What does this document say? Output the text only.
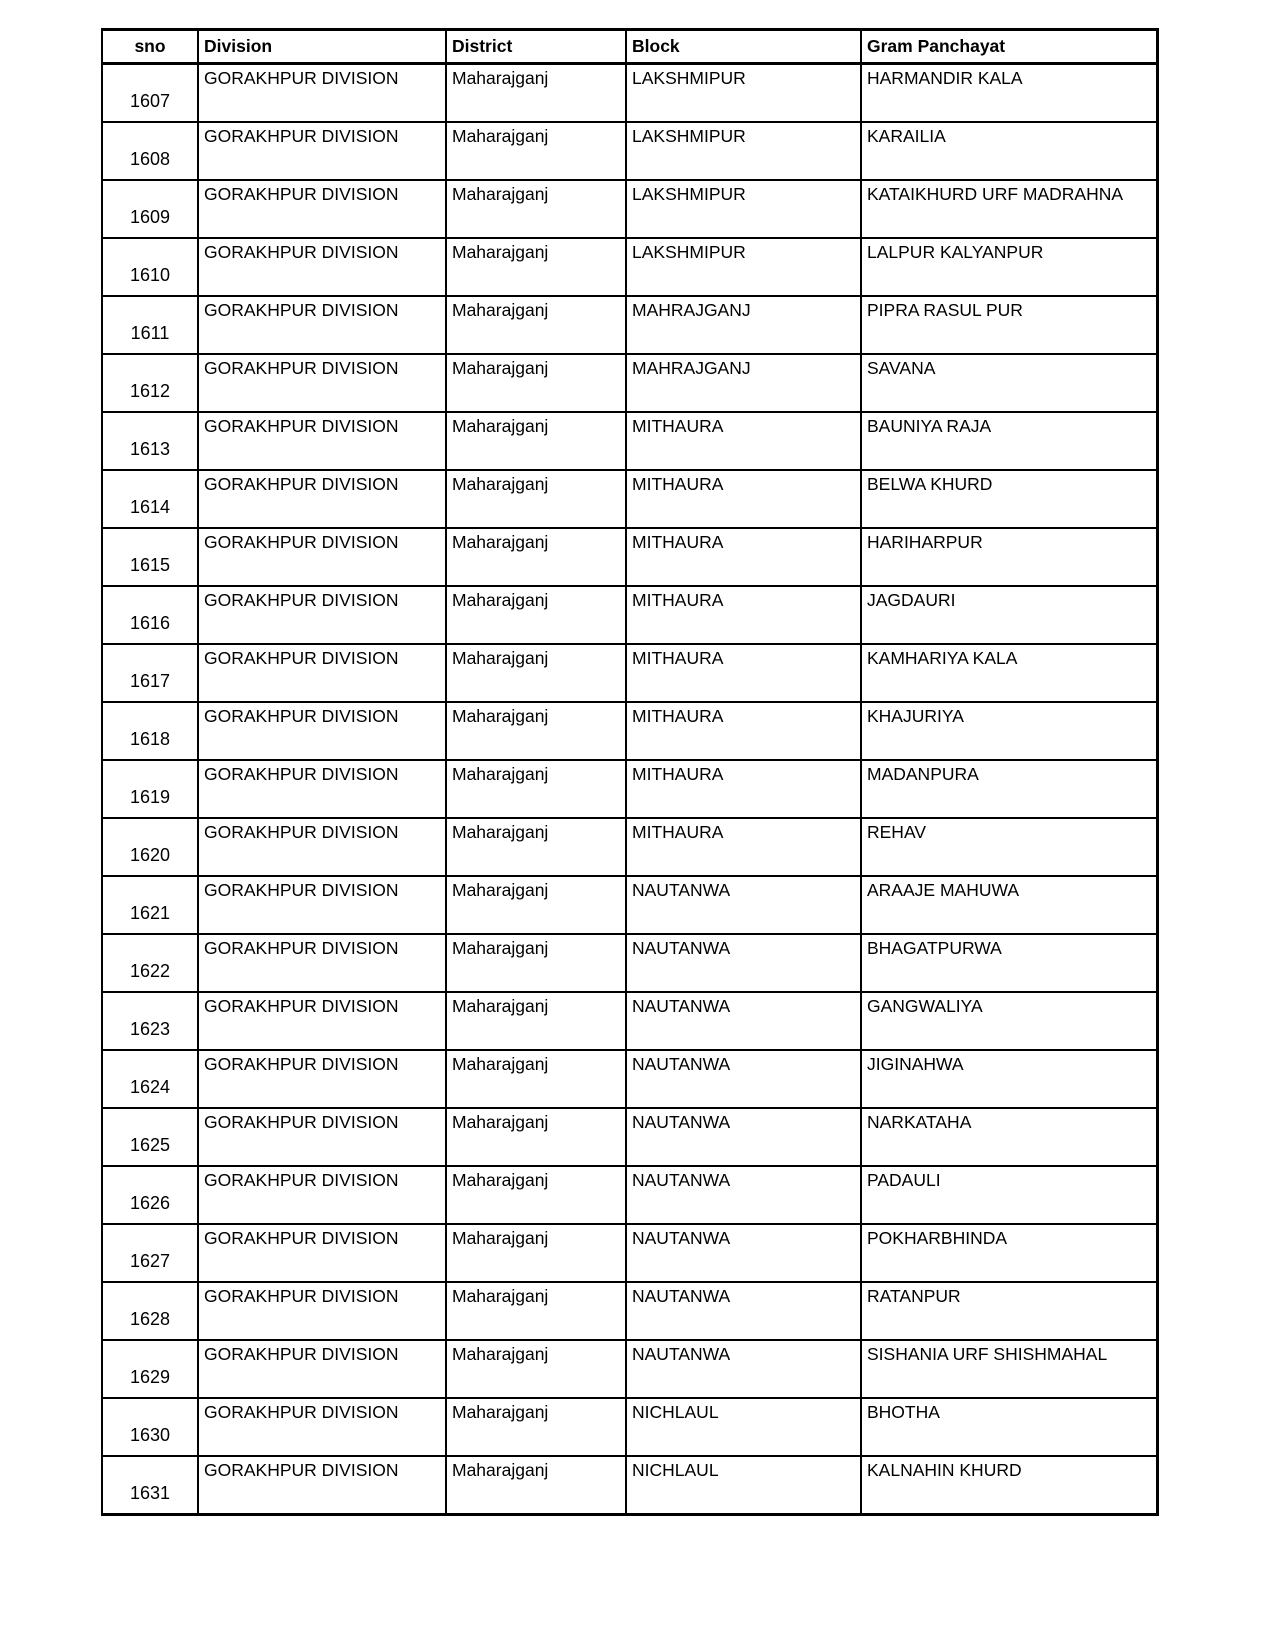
sno	Division	District	Block	Gram Panchayat

1607	GORAKHPUR DIVISION	Maharajganj	LAKSHMIPUR	HARMANDIR KALA

1608	GORAKHPUR DIVISION	Maharajganj	LAKSHMIPUR	KARAILIA

1609	GORAKHPUR DIVISION	Maharajganj	LAKSHMIPUR	KATAIKHURD URF MADRAHNA

1610	GORAKHPUR DIVISION	Maharajganj	LAKSHMIPUR	LALPUR KALYANPUR

1611	GORAKHPUR DIVISION	Maharajganj	MAHRAJGANJ	PIPRA RASUL PUR

1612	GORAKHPUR DIVISION	Maharajganj	MAHRAJGANJ	SAVANA

1613	GORAKHPUR DIVISION	Maharajganj	MITHAURA	BAUNIYA RAJA

1614	GORAKHPUR DIVISION	Maharajganj	MITHAURA	BELWA KHURD

1615	GORAKHPUR DIVISION	Maharajganj	MITHAURA	HARIHARPUR

1616	GORAKHPUR DIVISION	Maharajganj	MITHAURA	JAGDAURI

1617	GORAKHPUR DIVISION	Maharajganj	MITHAURA	KAMHARIYA KALA

1618	GORAKHPUR DIVISION	Maharajganj	MITHAURA	KHAJURIYA

1619	GORAKHPUR DIVISION	Maharajganj	MITHAURA	MADANPURA

1620	GORAKHPUR DIVISION	Maharajganj	MITHAURA	REHAV

1621	GORAKHPUR DIVISION	Maharajganj	NAUTANWA	ARAAJE MAHUWA

1622	GORAKHPUR DIVISION	Maharajganj	NAUTANWA	BHAGATPURWA

1623	GORAKHPUR DIVISION	Maharajganj	NAUTANWA	GANGWALIYA

1624	GORAKHPUR DIVISION	Maharajganj	NAUTANWA	JIGINAHWA

1625	GORAKHPUR DIVISION	Maharajganj	NAUTANWA	NARKATAHA

1626	GORAKHPUR DIVISION	Maharajganj	NAUTANWA	PADAULI

1627	GORAKHPUR DIVISION	Maharajganj	NAUTANWA	POKHARBHINDA

1628	GORAKHPUR DIVISION	Maharajganj	NAUTANWA	RATANPUR

1629	GORAKHPUR DIVISION	Maharajganj	NAUTANWA	SISHANIA URF SHISHMAHAL

1630	GORAKHPUR DIVISION	Maharajganj	NICHLAUL	BHOTHA

1631	GORAKHPUR DIVISION	Maharajganj	NICHLAUL	KALNAHIN KHURD
